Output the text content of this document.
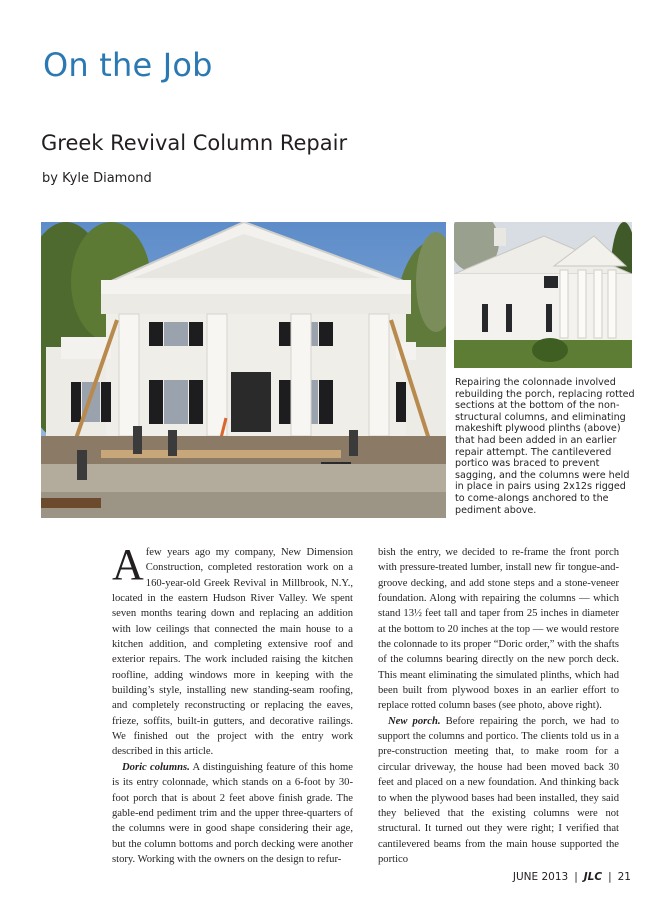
On the Job
Greek Revival Column Repair
by Kyle Diamond

Repairing the colonnade involved rebuilding the porch, replacing rotted sections at the bottom of the non-structural columns, and eliminating makeshift plywood plinths (above) that had been added in an earlier repair attempt. The cantilevered portico was braced to prevent sagging, and the columns were held in place in pairs using 2x12s rigged to come-alongs anchored to the pediment above.

Afew years ago my company, New Dimension Construction, completed restoration work on a 160-year-old Greek Revival in Millbrook, N.Y., located in the eastern Hudson River Valley. We spent seven months tearing down and replacing an addition with low ceilings that connected the main house to a kitchen addition, and completing extensive roof and exterior repairs. The work included raising the kitchen roofline, adding windows more in keeping with the building’s style, installing new standing-seam roofing, and completely reconstructing or replacing the eaves, frieze, soffits, built-in gutters, and decorative railings. We finished out the project with the entry work described in this article.

Doric columns. A distinguishing feature of this home is its entry colonnade, which stands on a 6-foot by 30-foot porch that is about 2 feet above finish grade. The gable-end pediment trim and the upper three-quarters of the columns were in good shape considering their age, but the column bottoms and porch decking were another story. Working with the owners on the design to refur-

bish the entry, we decided to re-frame the front porch with pressure-treated lumber, install new fir tongue-and-groove decking, and add stone steps and a stone-veneer foundation. Along with repairing the columns — which stand 13½ feet tall and taper from 25 inches in diameter at the bottom to 20 inches at the top — we would restore the colonnade to its proper “Doric order,” with the shafts of the columns bearing directly on the new porch deck. This meant eliminating the simulated plinths, which had been built from plywood boxes in an earlier effort to replace rotted column bases (see photo, above right).

New porch. Before repairing the porch, we had to support the columns and portico. The clients told us in a pre-construction meeting that, to make room for a circular driveway, the house had been moved back 30 feet and placed on a new foundation. And thinking back to when the plywood bases had been installed, they said they believed that the existing columns were not structural. It turned out they were right; I verified that cantilevered beams from the main house supported the portico

JUNE 2013 | JLC | 21
